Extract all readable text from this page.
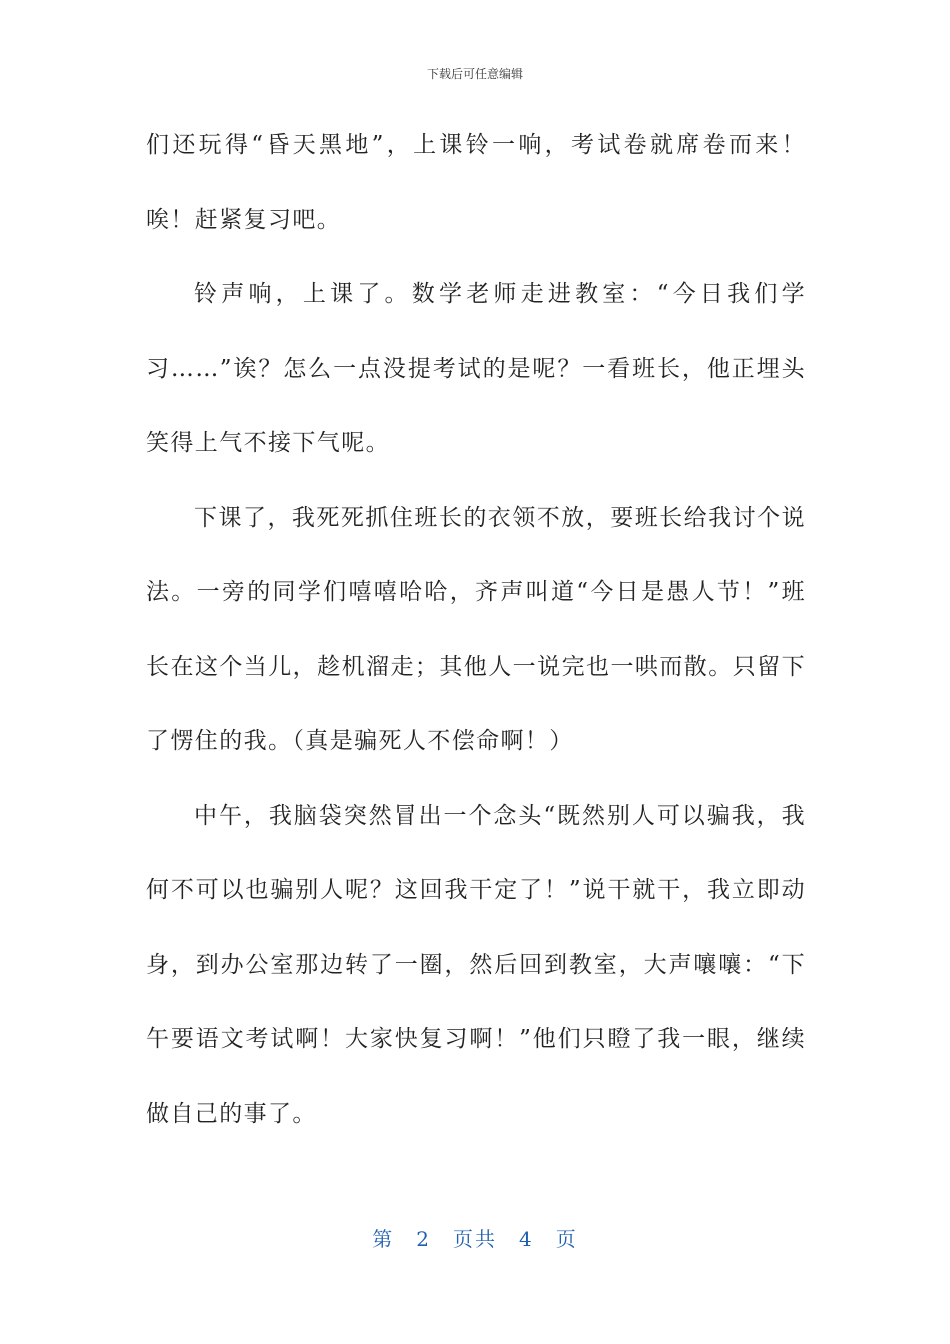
下载后可任意编辑

们还玩得“昏天黑地”，上课铃一响，考试卷就席卷而来！唉！赶紧复习吧。

铃声响，上课了。数学老师走进教室：“今日我们学习……”诶？怎么一点没提考试的是呢？一看班长，他正埋头笑得上气不接下气呢。

下课了，我死死抓住班长的衣领不放，要班长给我讨个说法。一旁的同学们嘻嘻哈哈，齐声叫道“今日是愚人节！”班长在这个当儿，趁机溜走；其他人一说完也一哄而散。只留下了愣住的我。（真是骗死人不偿命啊！）

中午，我脑袋突然冒出一个念头“既然别人可以骗我，我何不可以也骗别人呢？这回我干定了！”说干就干，我立即动身，到办公室那边转了一圈，然后回到教室，大声嚷嚷：“下午要语文考试啊！大家快复习啊！”他们只瞪了我一眼，继续做自己的事了。

第 2 页共 4 页
